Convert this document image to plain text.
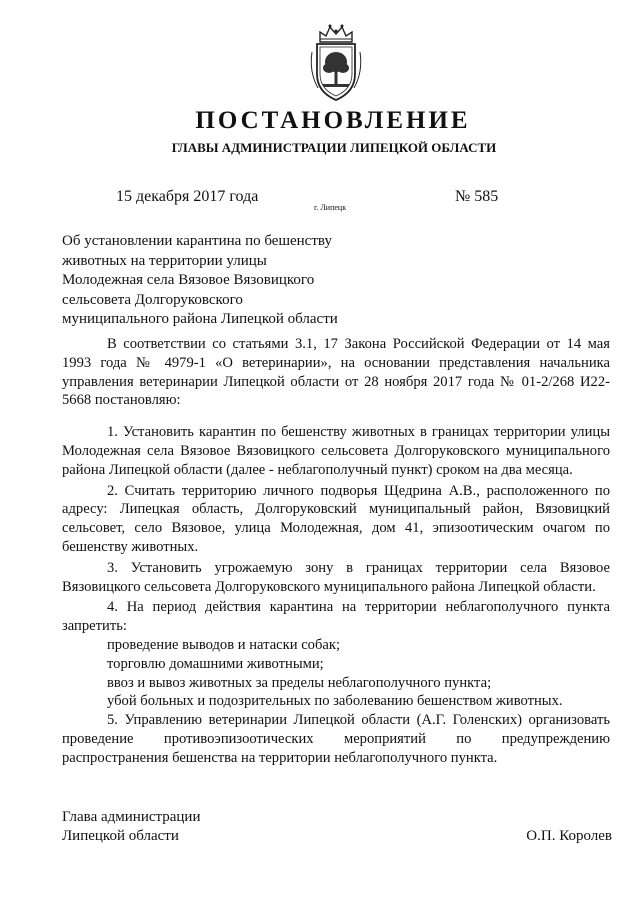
ПОСТАНОВЛЕНИЕ
ГЛАВЫ АДМИНИСТРАЦИИ ЛИПЕЦКОЙ ОБЛАСТИ
15 декабря 2017 года
г. Липецк
№ 585
Об установлении карантина по бешенству
животных на территории улицы
Молодежная села Вязовое Вязовицкого
сельсовета Долгоруковского
муниципального района Липецкой области

В соответствии со статьями 3.1, 17 Закона Российской Федерации от 14 мая 1993 года № 4979-1 «О ветеринарии», на основании представления начальника управления ветеринарии Липецкой области от 28 ноября 2017 года № 01-2/268 И22-5668 постановляю:

1. Установить карантин по бешенству животных в границах территории улицы Молодежная села Вязовое Вязовицкого сельсовета Долгоруковского муниципального района Липецкой области (далее - неблагополучный пункт) сроком на два месяца.

2. Считать территорию личного подворья Щедрина А.В., расположенного по адресу: Липецкая область, Долгоруковский муниципальный район, Вязовицкий сельсовет, село Вязовое, улица Молодежная, дом 41, эпизоотическим очагом по бешенству животных.

3. Установить угрожаемую зону в границах территории села Вязовое Вязовицкого сельсовета Долгоруковского муниципального района Липецкой области.

4. На период действия карантина на территории неблагополучного пункта запретить:

проведение выводов и натаски собак;

торговлю домашними животными;

ввоз и вывоз животных за пределы неблагополучного пункта;

убой больных и подозрительных по заболеванию бешенством животных.

5. Управлению ветеринарии Липецкой области (А.Г. Голенских) организовать проведение противоэпизоотических мероприятий по предупреждению распространения бешенства на территории неблагополучного пункта.

Глава администрации
Липецкой области	О.П. Королев
